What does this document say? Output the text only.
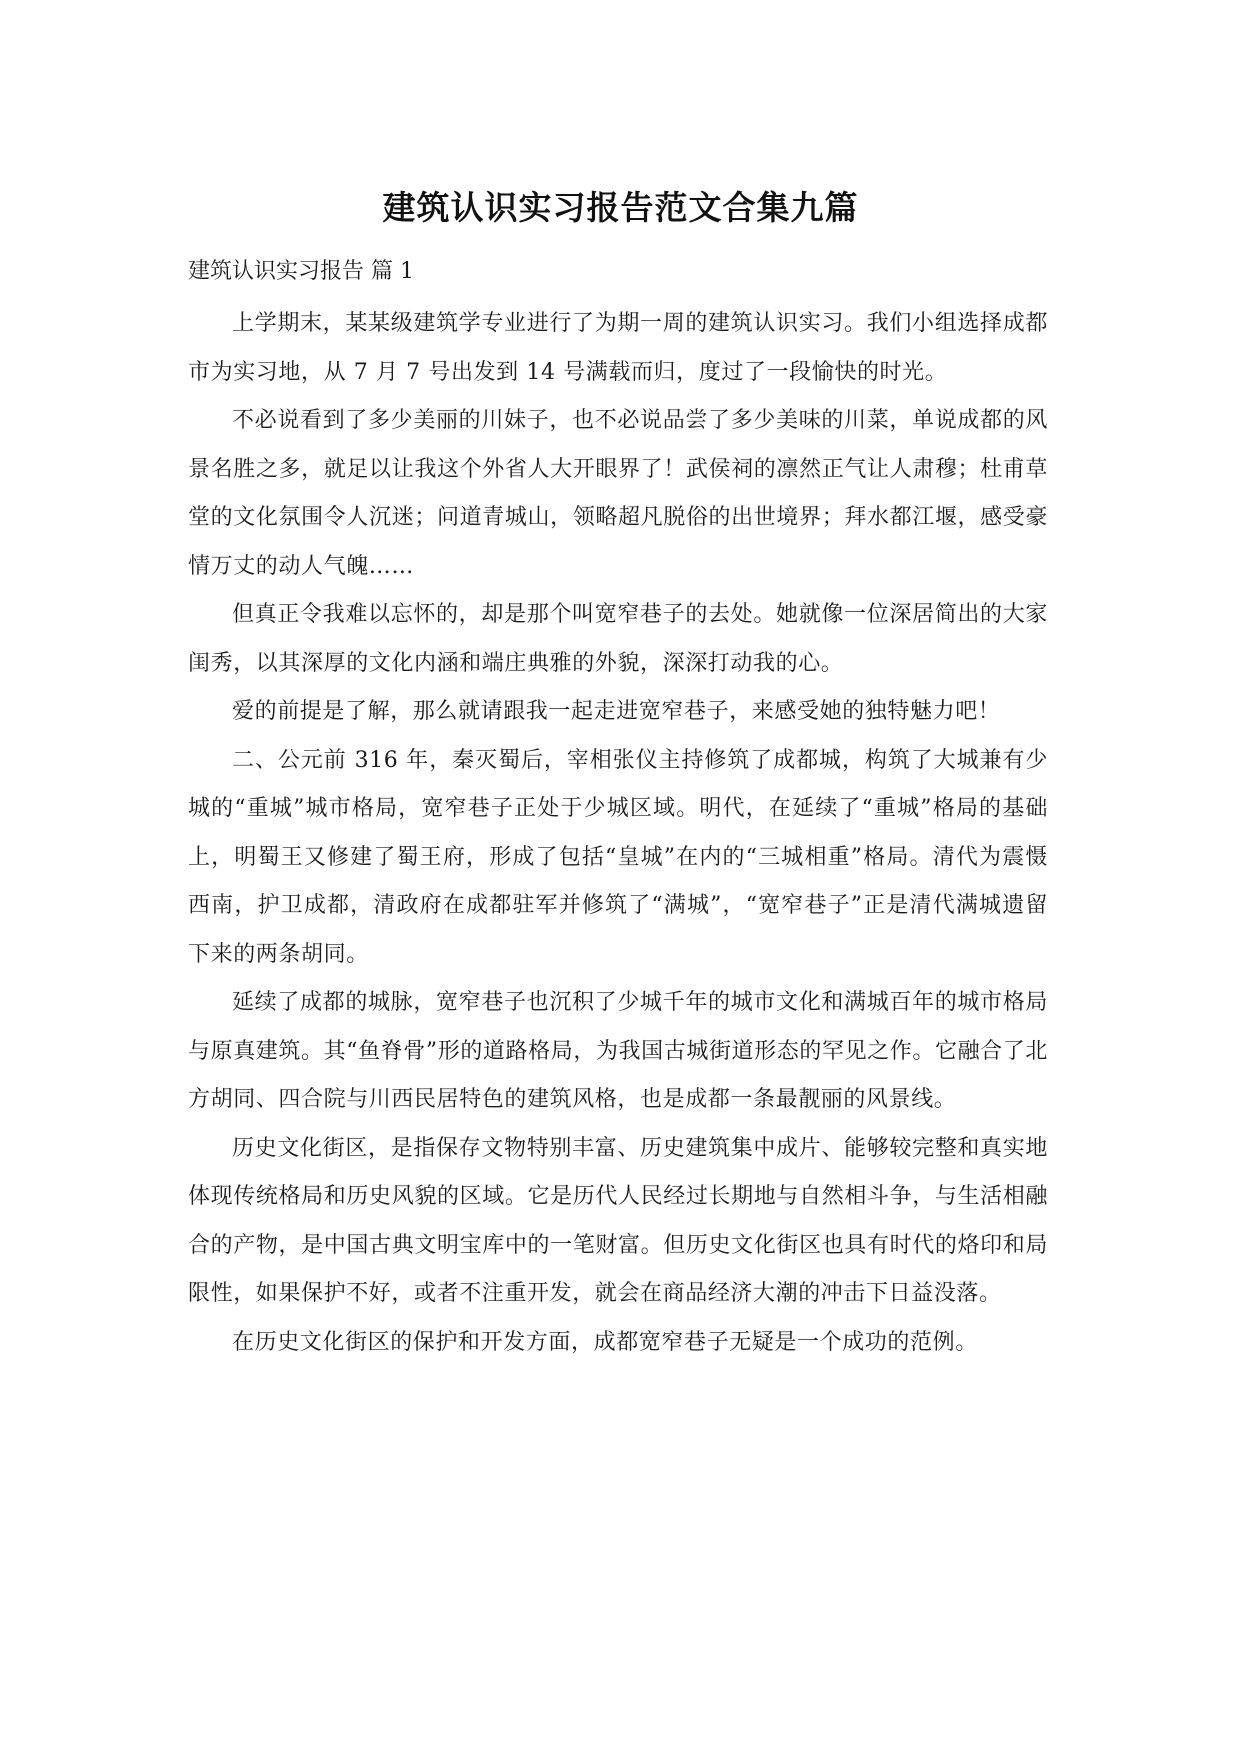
建筑认识实习报告范文合集九篇
建筑认识实习报告 篇 1

上学期末，某某级建筑学专业进行了为期一周的建筑认识实习。我们小组选择成都市为实习地，从 7 月 7 号出发到 14 号满载而归，度过了一段愉快的时光。

不必说看到了多少美丽的川妹子，也不必说品尝了多少美味的川菜，单说成都的风景名胜之多，就足以让我这个外省人大开眼界了！武侯祠的凛然正气让人肃穆；杜甫草堂的文化氛围令人沉迷；问道青城山，领略超凡脱俗的出世境界；拜水都江堰，感受豪情万丈的动人气魄……

但真正令我难以忘怀的，却是那个叫宽窄巷子的去处。她就像一位深居简出的大家闺秀，以其深厚的文化内涵和端庄典雅的外貌，深深打动我的心。

爱的前提是了解，那么就请跟我一起走进宽窄巷子，来感受她的独特魅力吧！

二、公元前 316 年，秦灭蜀后，宰相张仪主持修筑了成都城，构筑了大城兼有少城的“重城”城市格局，宽窄巷子正处于少城区域。明代，在延续了“重城”格局的基础上，明蜀王又修建了蜀王府，形成了包括“皇城”在内的“三城相重”格局。清代为震慑西南，护卫成都，清政府在成都驻军并修筑了“满城”，“宽窄巷子”正是清代满城遗留下来的两条胡同。

延续了成都的城脉，宽窄巷子也沉积了少城千年的城市文化和满城百年的城市格局与原真建筑。其“鱼脊骨”形的道路格局，为我国古城街道形态的罕见之作。它融合了北方胡同、四合院与川西民居特色的建筑风格，也是成都一条最靓丽的风景线。

历史文化街区，是指保存文物特别丰富、历史建筑集中成片、能够较完整和真实地体现传统格局和历史风貌的区域。它是历代人民经过长期地与自然相斗争，与生活相融合的产物，是中国古典文明宝库中的一笔财富。但历史文化街区也具有时代的烙印和局限性，如果保护不好，或者不注重开发，就会在商品经济大潮的冲击下日益没落。

在历史文化街区的保护和开发方面，成都宽窄巷子无疑是一个成功的范例。
